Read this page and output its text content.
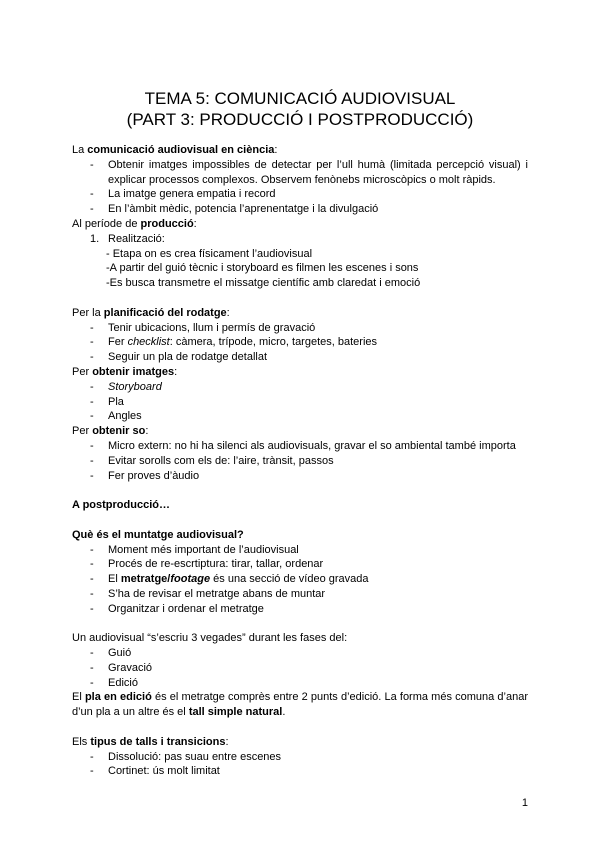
TEMA 5: COMUNICACIÓ AUDIOVISUAL
(PART 3: PRODUCCIÓ I POSTPRODUCCIÓ)

La comunicació audiovisual en ciència:

- Obtenir imatges impossibles de detectar per l’ull humà (limitada percepció visual) i explicar processos complexos. Observem fenònebs microscòpics o molt ràpids.

- La imatge genera empatia i record

- En l’àmbit mèdic, potencia l’aprenentatge i la divulgació

Al període de producció:

1. Realització:

- Etapa on es crea físicament l’audiovisual

-A partir del guió tècnic i storyboard es filmen les escenes i sons

-Es busca transmetre el missatge científic amb claredat i emoció

Per la planificació del rodatge:

- Tenir ubicacions, llum i permís de gravació

- Fer checklist: càmera, trípode, micro, targetes, bateries

- Seguir un pla de rodatge detallat

Per obtenir imatges:

- Storyboard

- Pla

- Angles

Per obtenir so:

- Micro extern: no hi ha silenci als audiovisuals, gravar el so ambiental també importa

- Evitar sorolls com els de: l’aire, trànsit, passos

- Fer proves d’àudio

A postproducció…

Què és el muntatge audiovisual?

- Moment més important de l’audiovisual

- Procés de re-escrtiptura: tirar, tallar, ordenar

- El metratge/footage és una secció de vídeo gravada

- S’ha de revisar el metratge abans de muntar

- Organitzar i ordenar el metratge

Un audiovisual “s’escriu 3 vegades” durant les fases del:

- Guió

- Gravació

- Edició

El pla en edició és el metratge comprès entre 2 punts d’edició. La forma més comuna d’anar d’un pla a un altre és el tall simple natural.

Els tipus de talls i transicions:

- Dissolució: pas suau entre escenes

- Cortinet: ús molt limitat

1
